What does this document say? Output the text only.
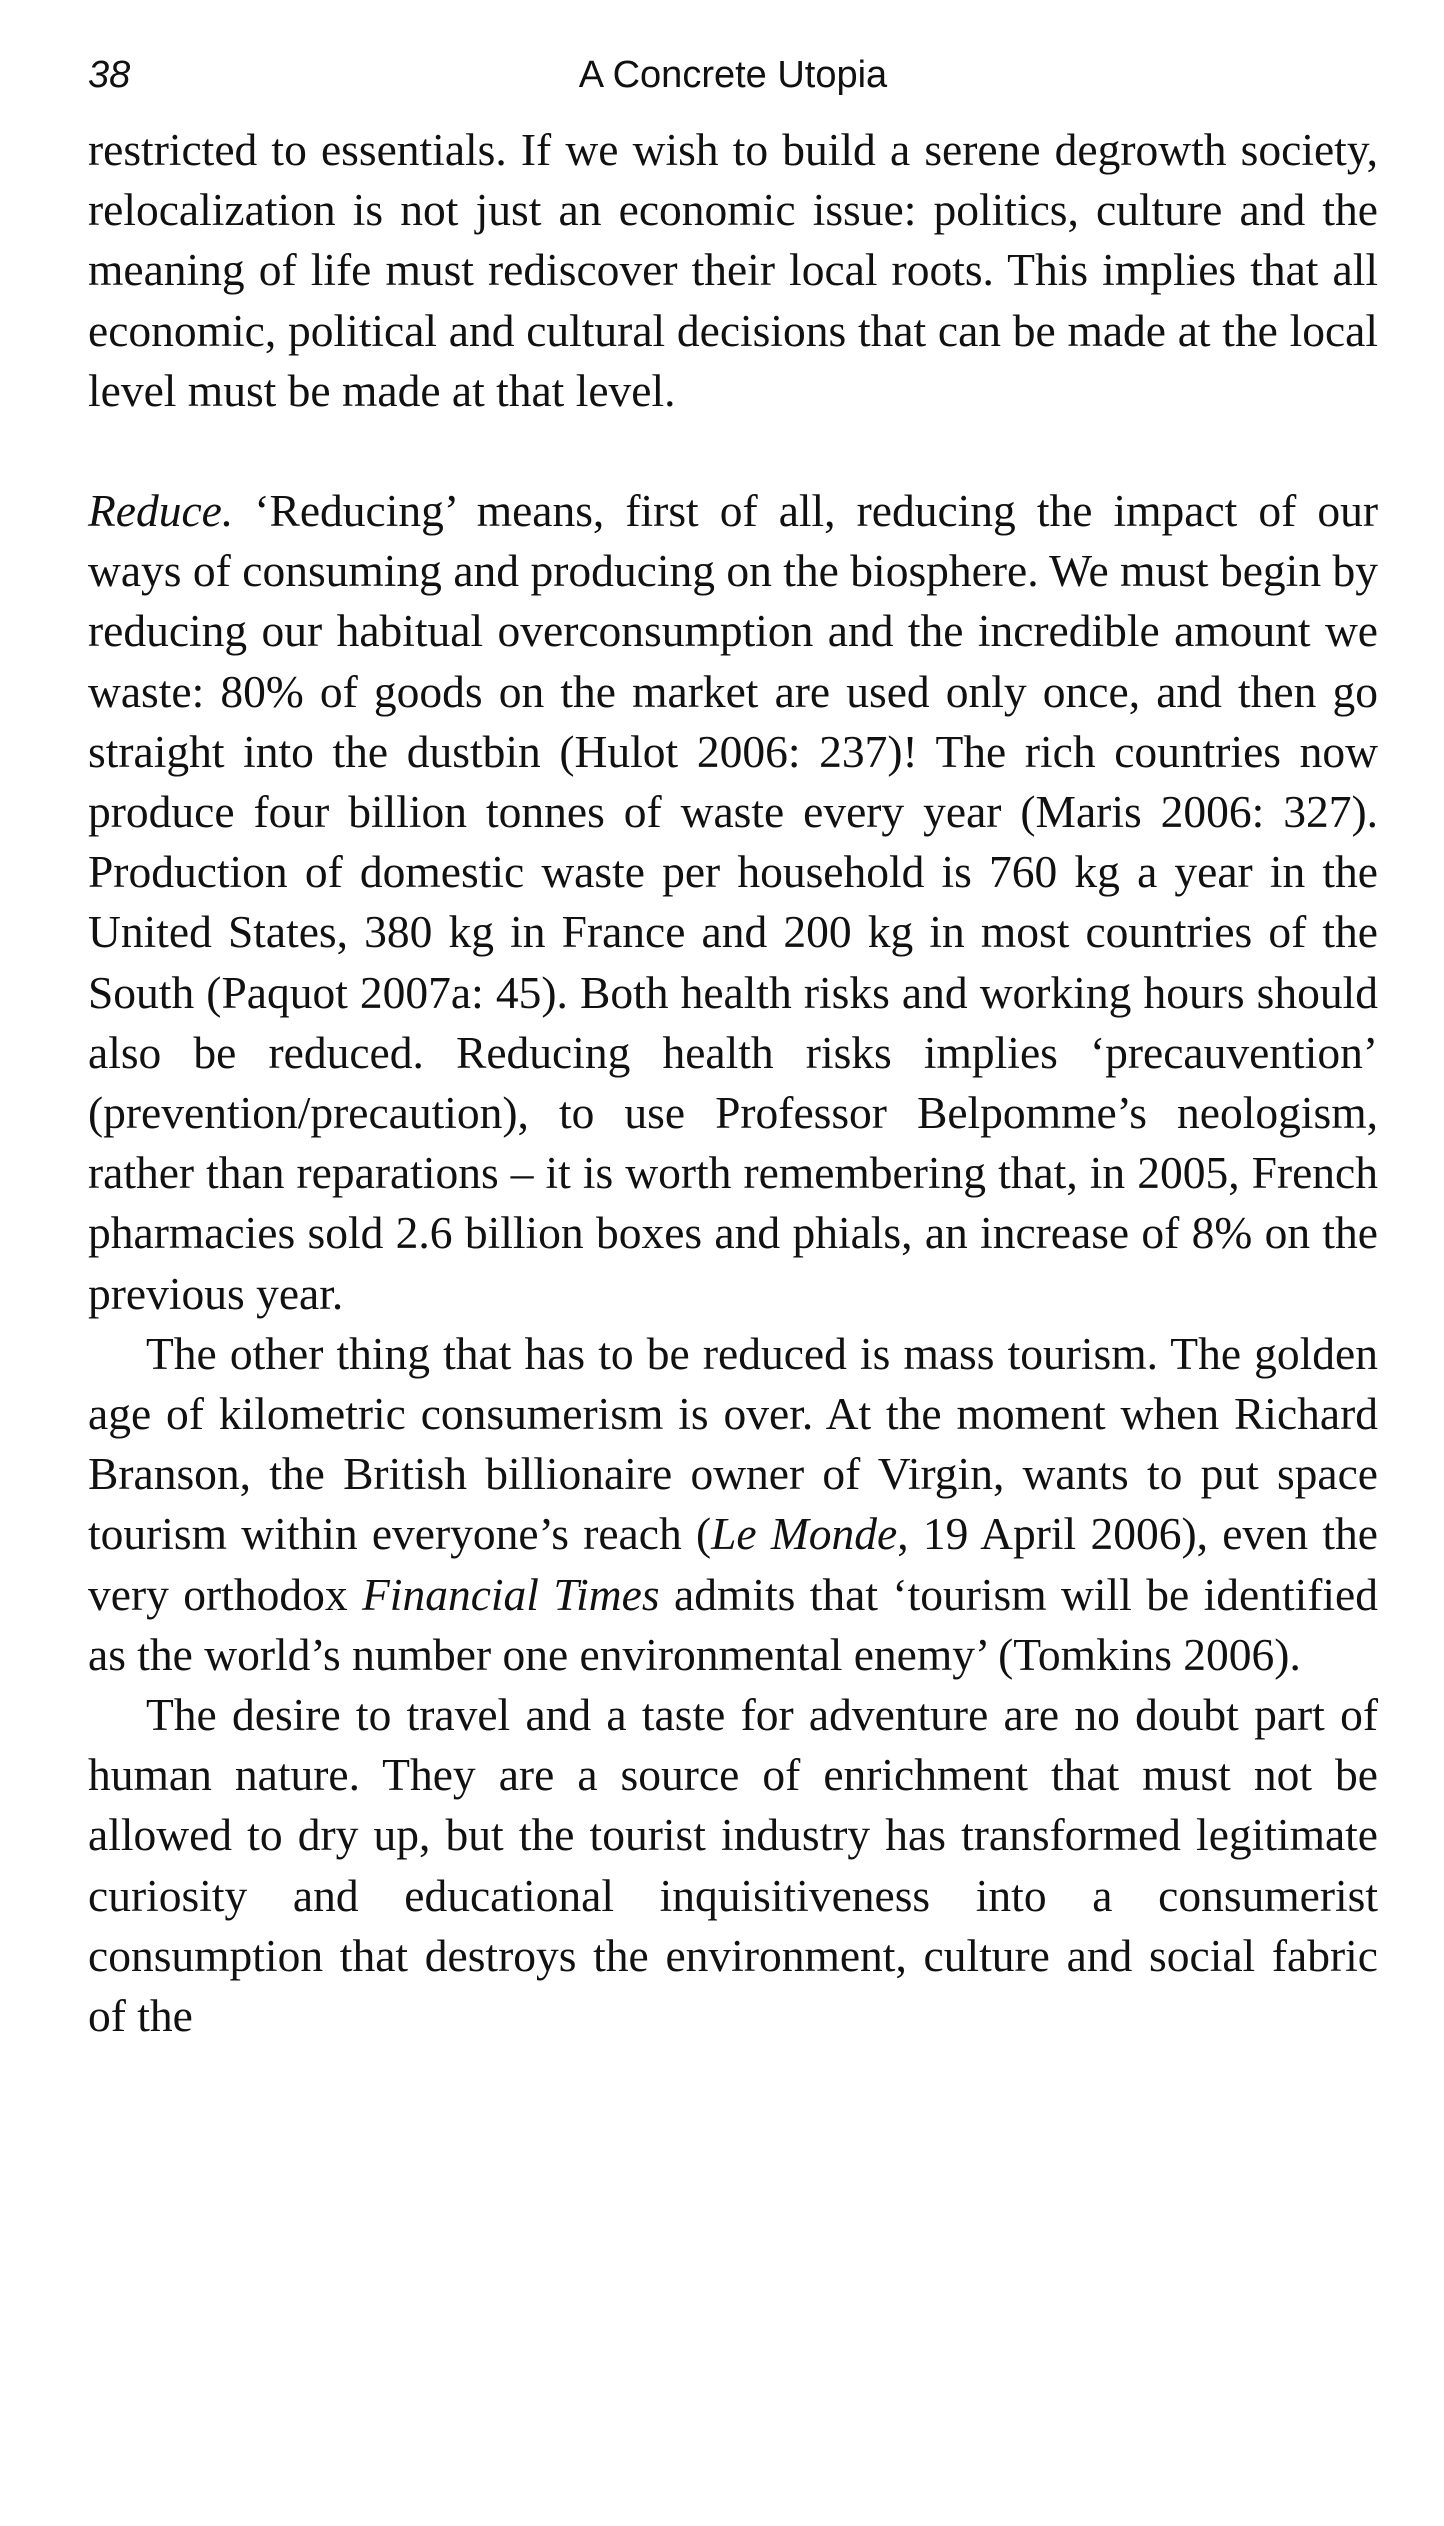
38	A Concrete Utopia

restricted to essentials. If we wish to build a serene degrowth society, relocalization is not just an economic issue: politics, culture and the meaning of life must rediscover their local roots. This implies that all economic, political and cultural decisions that can be made at the local level must be made at that level.

Reduce. ‘Reducing’ means, first of all, reducing the impact of our ways of consuming and producing on the biosphere. We must begin by reducing our habitual overconsumption and the incredible amount we waste: 80% of goods on the market are used only once, and then go straight into the dustbin (Hulot 2006: 237)! The rich countries now produce four billion tonnes of waste every year (Maris 2006: 327). Production of domestic waste per household is 760 kg a year in the United States, 380 kg in France and 200 kg in most countries of the South (Paquot 2007a: 45). Both health risks and working hours should also be reduced. Reducing health risks implies ‘precauvention’ (prevention/precaution), to use Professor Belpomme’s neologism, rather than reparations – it is worth remembering that, in 2005, French pharmacies sold 2.6 billion boxes and phials, an increase of 8% on the previous year.

The other thing that has to be reduced is mass tourism. The golden age of kilometric consumerism is over. At the moment when Richard Branson, the British billionaire owner of Virgin, wants to put space tourism within everyone’s reach (Le Monde, 19 April 2006), even the very orthodox Financial Times admits that ‘tourism will be identified as the world’s number one environmental enemy’ (Tomkins 2006).

The desire to travel and a taste for adventure are no doubt part of human nature. They are a source of enrichment that must not be allowed to dry up, but the tourist industry has transformed legitimate curiosity and educational inquisitiveness into a consumerist consumption that destroys the environment, culture and social fabric of the
